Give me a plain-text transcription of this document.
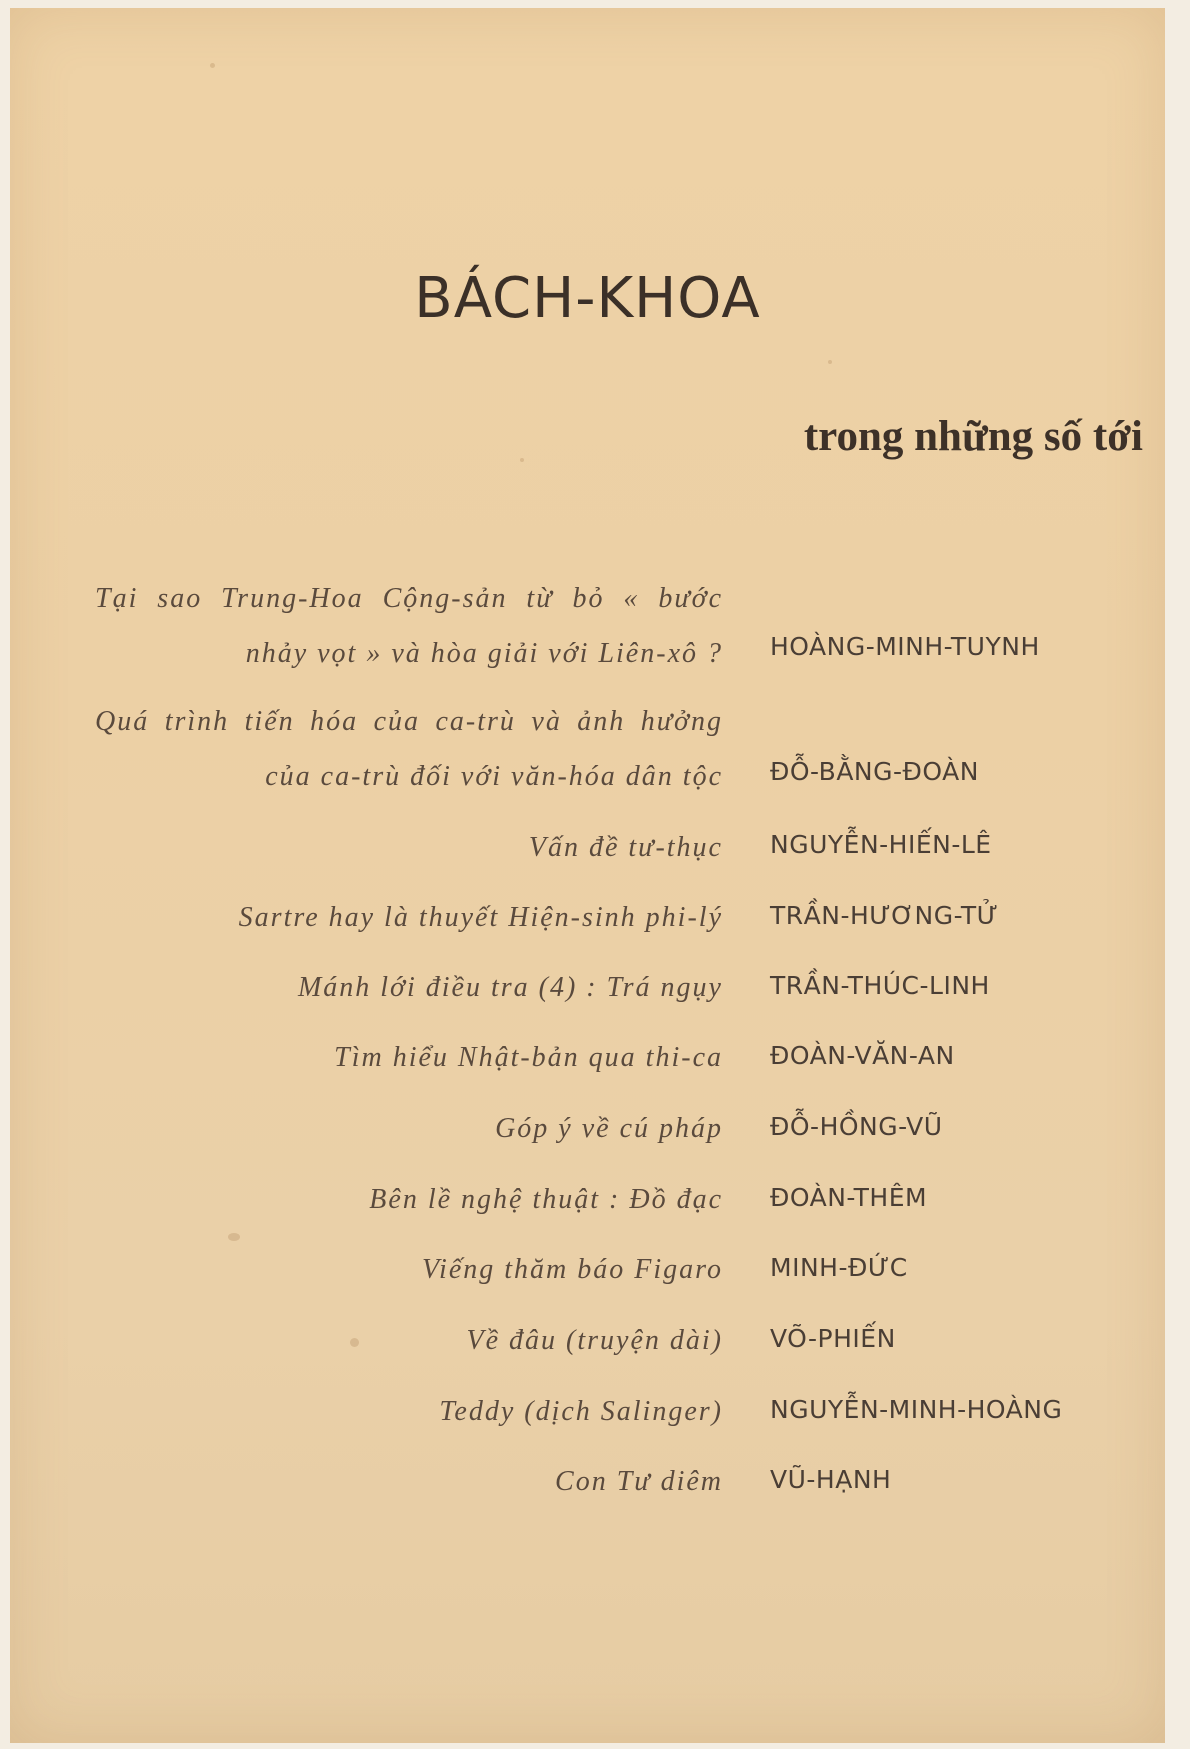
BÁCH-KHOA
trong những số tới

Tại sao Trung-Hoa Cộng-sản từ bỏ « bước nhảy vọt » và hòa giải với Liên-xô ? HOÀNG-MINH-TUYNH

Quá trình tiến hóa của ca-trù và ảnh hưởng của ca-trù đối với văn-hóa dân tộc ĐỖ-BẰNG-ĐOÀN

Vấn đề tư-thục NGUYỄN-HIẾN-LÊ

Sartre hay là thuyết Hiện-sinh phi-lý TRẦN-HƯƠNG-TỬ

Mánh lới điều tra (4) : Trá ngụy TRẦN-THÚC-LINH

Tìm hiểu Nhật-bản qua thi-ca ĐOÀN-VĂN-AN

Góp ý về cú pháp ĐỖ-HỒNG-VŨ

Bên lề nghệ thuật : Đồ đạc ĐOÀN-THÊM

Viếng thăm báo Figaro MINH-ĐỨC

Về đâu (truyện dài) VÕ-PHIẾN

Teddy (dịch Salinger) NGUYỄN-MINH-HOÀNG

Con Tư diêm VŨ-HẠNH
